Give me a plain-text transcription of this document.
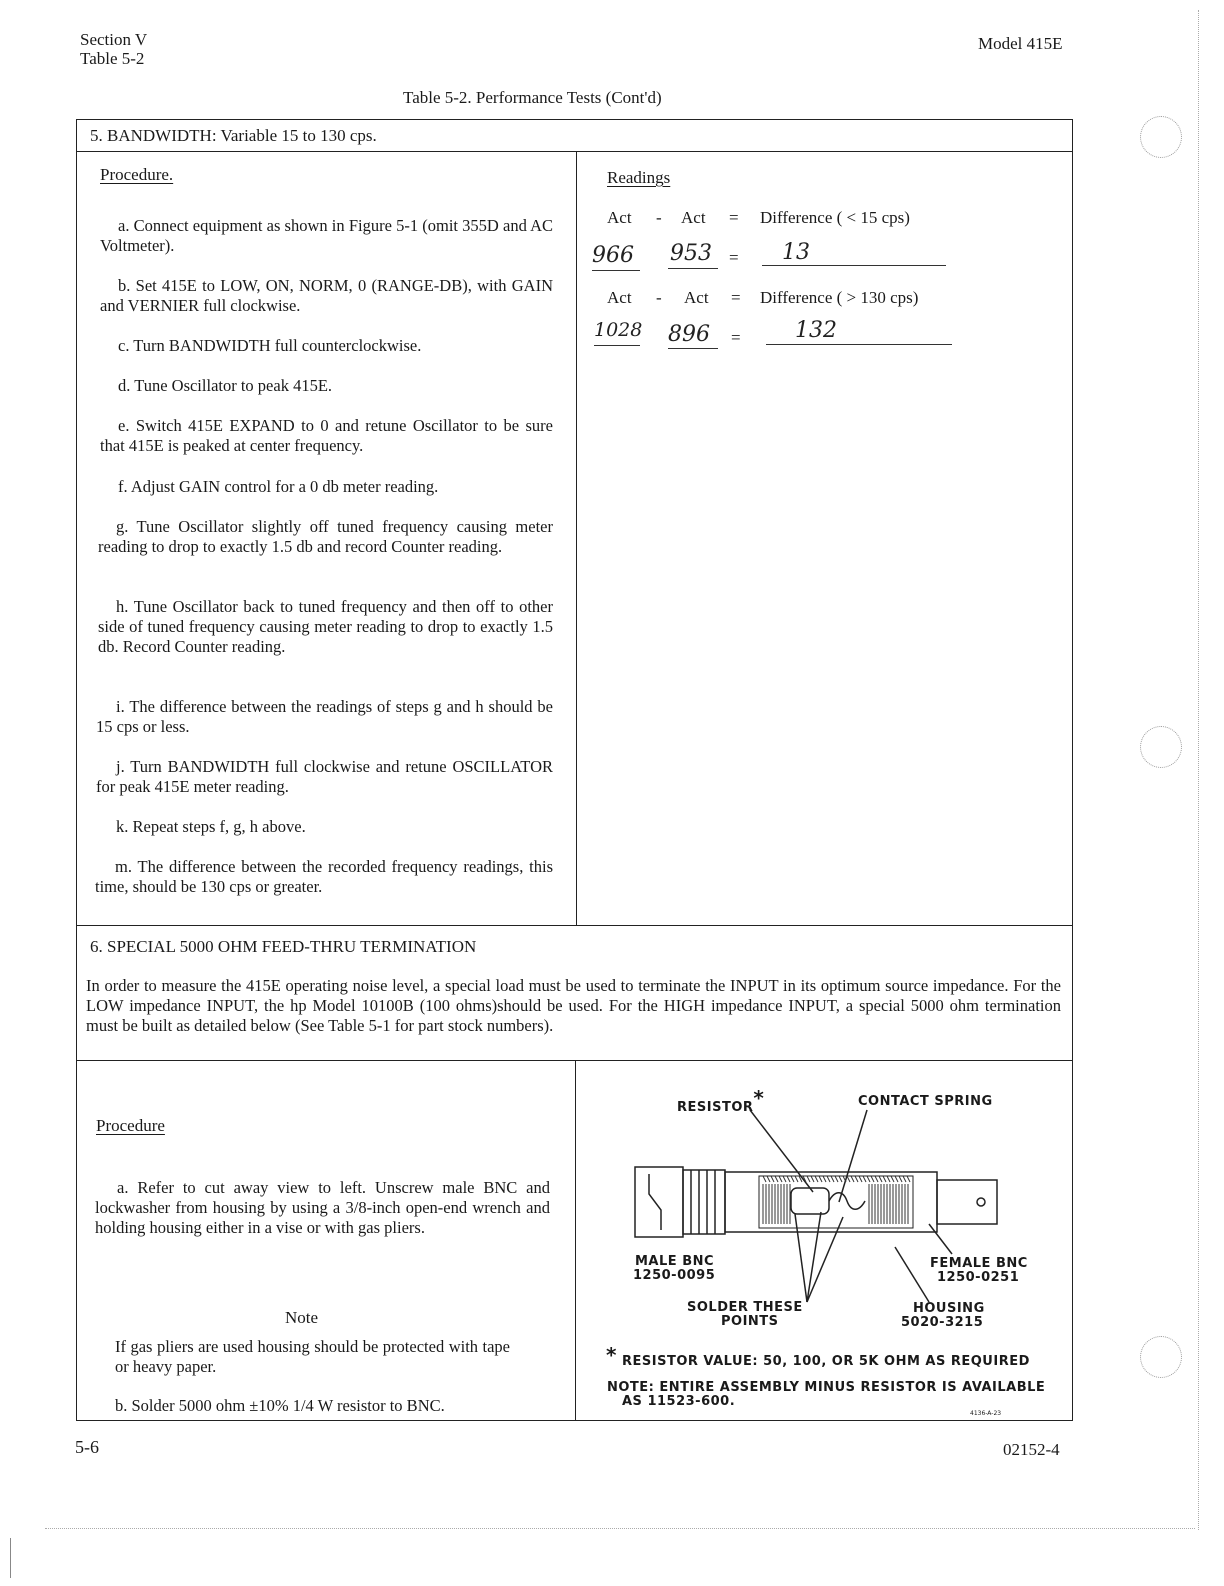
Section V
Table 5-2
Model 415E
Table 5-2. Performance Tests (Cont'd)
5. BANDWIDTH: Variable 15 to 130 cps.
Procedure.
a. Connect equipment as shown in Figure 5-1 (omit 355D and AC Voltmeter).
b. Set 415E to LOW, ON, NORM, 0 (RANGE-DB), with GAIN and VERNIER full clockwise.
c. Turn BANDWIDTH full counterclockwise.
d. Tune Oscillator to peak 415E.
e. Switch 415E EXPAND to 0 and retune Oscillator to be sure that 415E is peaked at center frequency.
f. Adjust GAIN control for a 0 db meter reading.
g. Tune Oscillator slightly off tuned frequency causing meter reading to drop to exactly 1.5 db and record Counter reading.
h. Tune Oscillator back to tuned frequency and then off to other side of tuned frequency causing meter reading to drop to exactly 1.5 db. Record Counter reading.
i. The difference between the readings of steps g and h should be 15 cps or less.
j. Turn BANDWIDTH full clockwise and retune OSCILLATOR for peak 415E meter reading.
k. Repeat steps f, g, h above.
m. The difference between the recorded frequency readings, this time, should be 130 cps or greater.
Readings
Act - Act = Difference ( < 15 cps)
966 953 = 13
Act - Act = Difference ( > 130 cps)
1028 896 = 132
6. SPECIAL 5000 OHM FEED-THRU TERMINATION
In order to measure the 415E operating noise level, a special load must be used to terminate the INPUT in its optimum source impedance. For the LOW impedance INPUT, the hp Model 10100B (100 ohms)should be used. For the HIGH impedance INPUT, a special 5000 ohm termination must be built as detailed below (See Table 5-1 for part stock numbers).
Procedure
a. Refer to cut away view to left. Unscrew male BNC and lockwasher from housing by using a 3/8-inch open-end wrench and holding housing either in a vise or with gas pliers.
Note
If gas pliers are used housing should be protected with tape or heavy paper.
b. Solder 5000 ohm ±10% 1/4 W resistor to BNC.
RESISTOR*	CONTACT SPRING
MALE BNC
1250-0095
FEMALE BNC
1250-0251
SOLDER THESE
POINTS
HOUSING
5020-3215
* RESISTOR VALUE: 50, 100, OR 5K OHM AS REQUIRED
NOTE: ENTIRE ASSEMBLY MINUS RESISTOR IS AVAILABLE
AS 11523-600.
4136-A-23
5-6	02152-4
